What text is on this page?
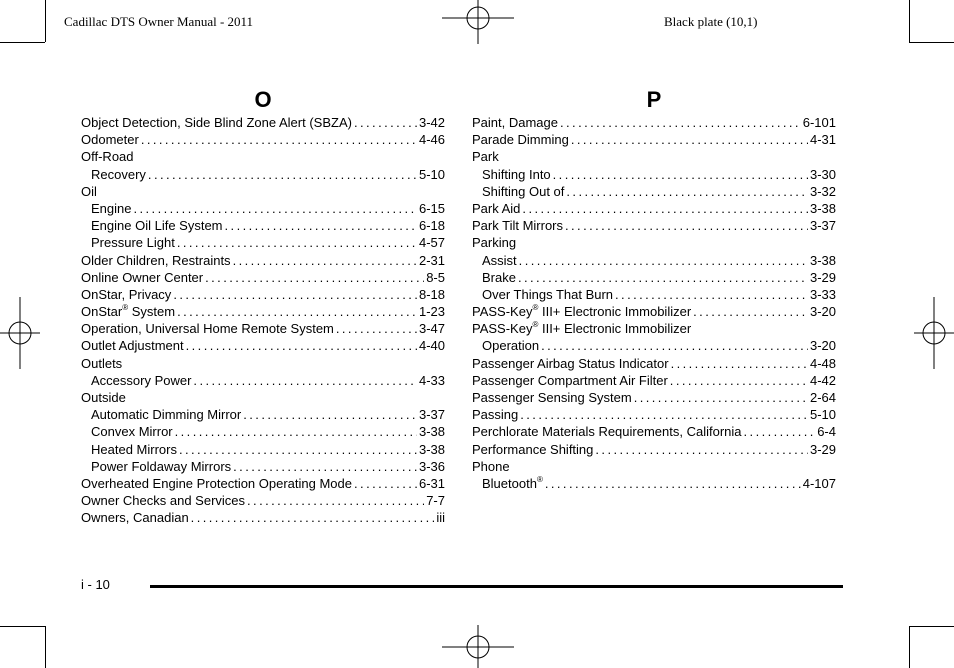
Cadillac DTS Owner Manual - 2011	Black plate (10,1)
O
Object Detection, Side Blind Zone Alert (SBZA) . . .	3-42
Odometer . . .	4-46
Off-Road
Recovery . . .	5-10
Oil
Engine . . .	6-15
Engine Oil Life System . . .	6-18
Pressure Light . . .	4-57
Older Children, Restraints . . .	2-31
Online Owner Center . . .	8-5
OnStar, Privacy . . .	8-18
OnStar® System . . .	1-23
Operation, Universal Home Remote System . . .	3-47
Outlet Adjustment . . .	4-40
Outlets
Accessory Power . . .	4-33
Outside
Automatic Dimming Mirror . . .	3-37
Convex Mirror . . .	3-38
Heated Mirrors . . .	3-38
Power Foldaway Mirrors . . .	3-36
Overheated Engine Protection Operating Mode . . .	6-31
Owner Checks and Services . . .	7-7
Owners, Canadian . . .	iii
P
Paint, Damage . . .	6-101
Parade Dimming . . .	4-31
Park
Shifting Into . . .	3-30
Shifting Out of . . .	3-32
Park Aid . . .	3-38
Park Tilt Mirrors . . .	3-37
Parking
Assist . . .	3-38
Brake . . .	3-29
Over Things That Burn . . .	3-33
PASS-Key® III+ Electronic Immobilizer . . .	3-20
PASS-Key® III+ Electronic Immobilizer
Operation . . .	3-20
Passenger Airbag Status Indicator . . .	4-48
Passenger Compartment Air Filter . . .	4-42
Passenger Sensing System . . .	2-64
Passing . . .	5-10
Perchlorate Materials Requirements, California . . .	6-4
Performance Shifting . . .	3-29
Phone
Bluetooth® . . .	4-107
i - 10
